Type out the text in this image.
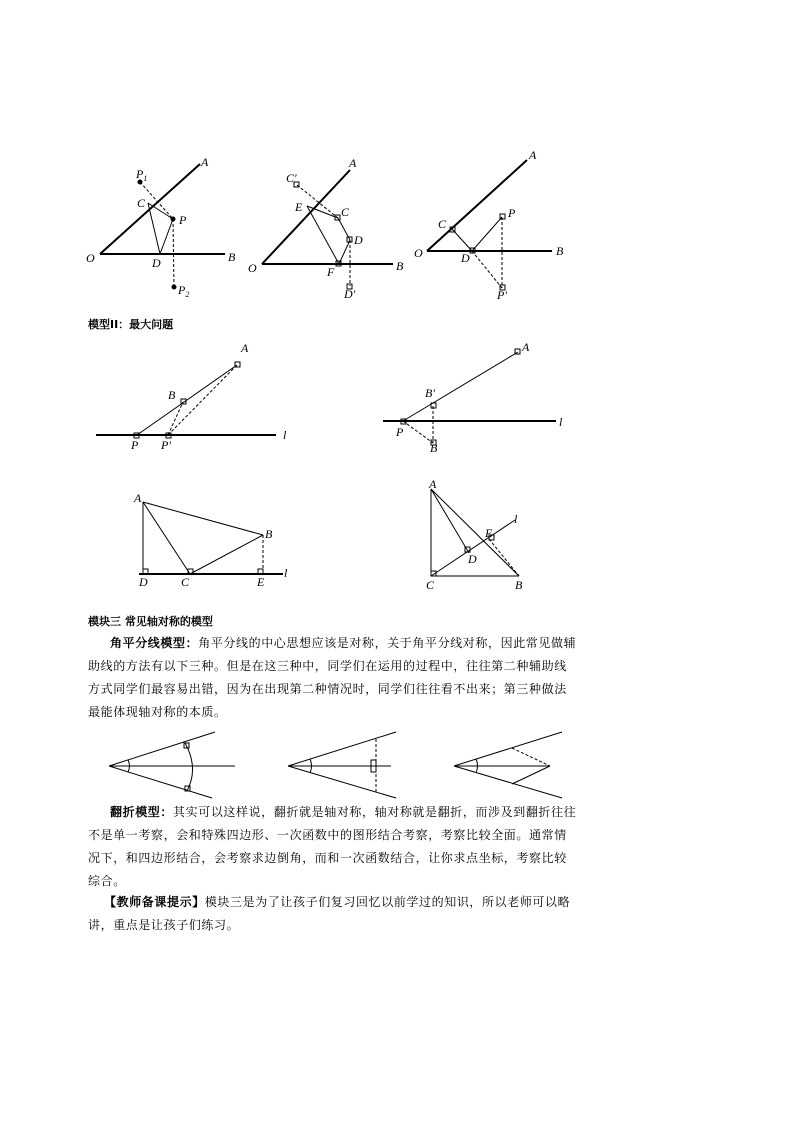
A
B
O
C
D
P
$P_1$
$P_2$
A
B
O
C'
C
E
D
F
D'
A
B
O
C
D
P
P'
A
B
P P'
l
A
B'
P
B
l
A
B
C
D	E
l
A
B
C
D
E
l
模型II：最大问题
模块三 常见轴对称的模型
角平分线模型：角平分线的中心思想应该是对称，关于角平分线对称，因此常见做辅助线的方法有以下三种。但是在这三种中，同学们在运用的过程中，往往第二种辅助线方式同学们最容易出错，因为在出现第二种情况时，同学们往往看不出来；第三种做法最能体现轴对称的本质。
翻折模型：其实可以这样说，翻折就是轴对称，轴对称就是翻折，而涉及到翻折往往不是单一考察，会和特殊四边形、一次函数中的图形结合考察，考察比较全面。通常情况下，和四边形结合，会考察求边倒角，而和一次函数结合，让你求点坐标，考察比较综合。
【教师备课提示】模块三是为了让孩子们复习回忆以前学过的知识，所以老师可以略讲，重点是让孩子们练习。
